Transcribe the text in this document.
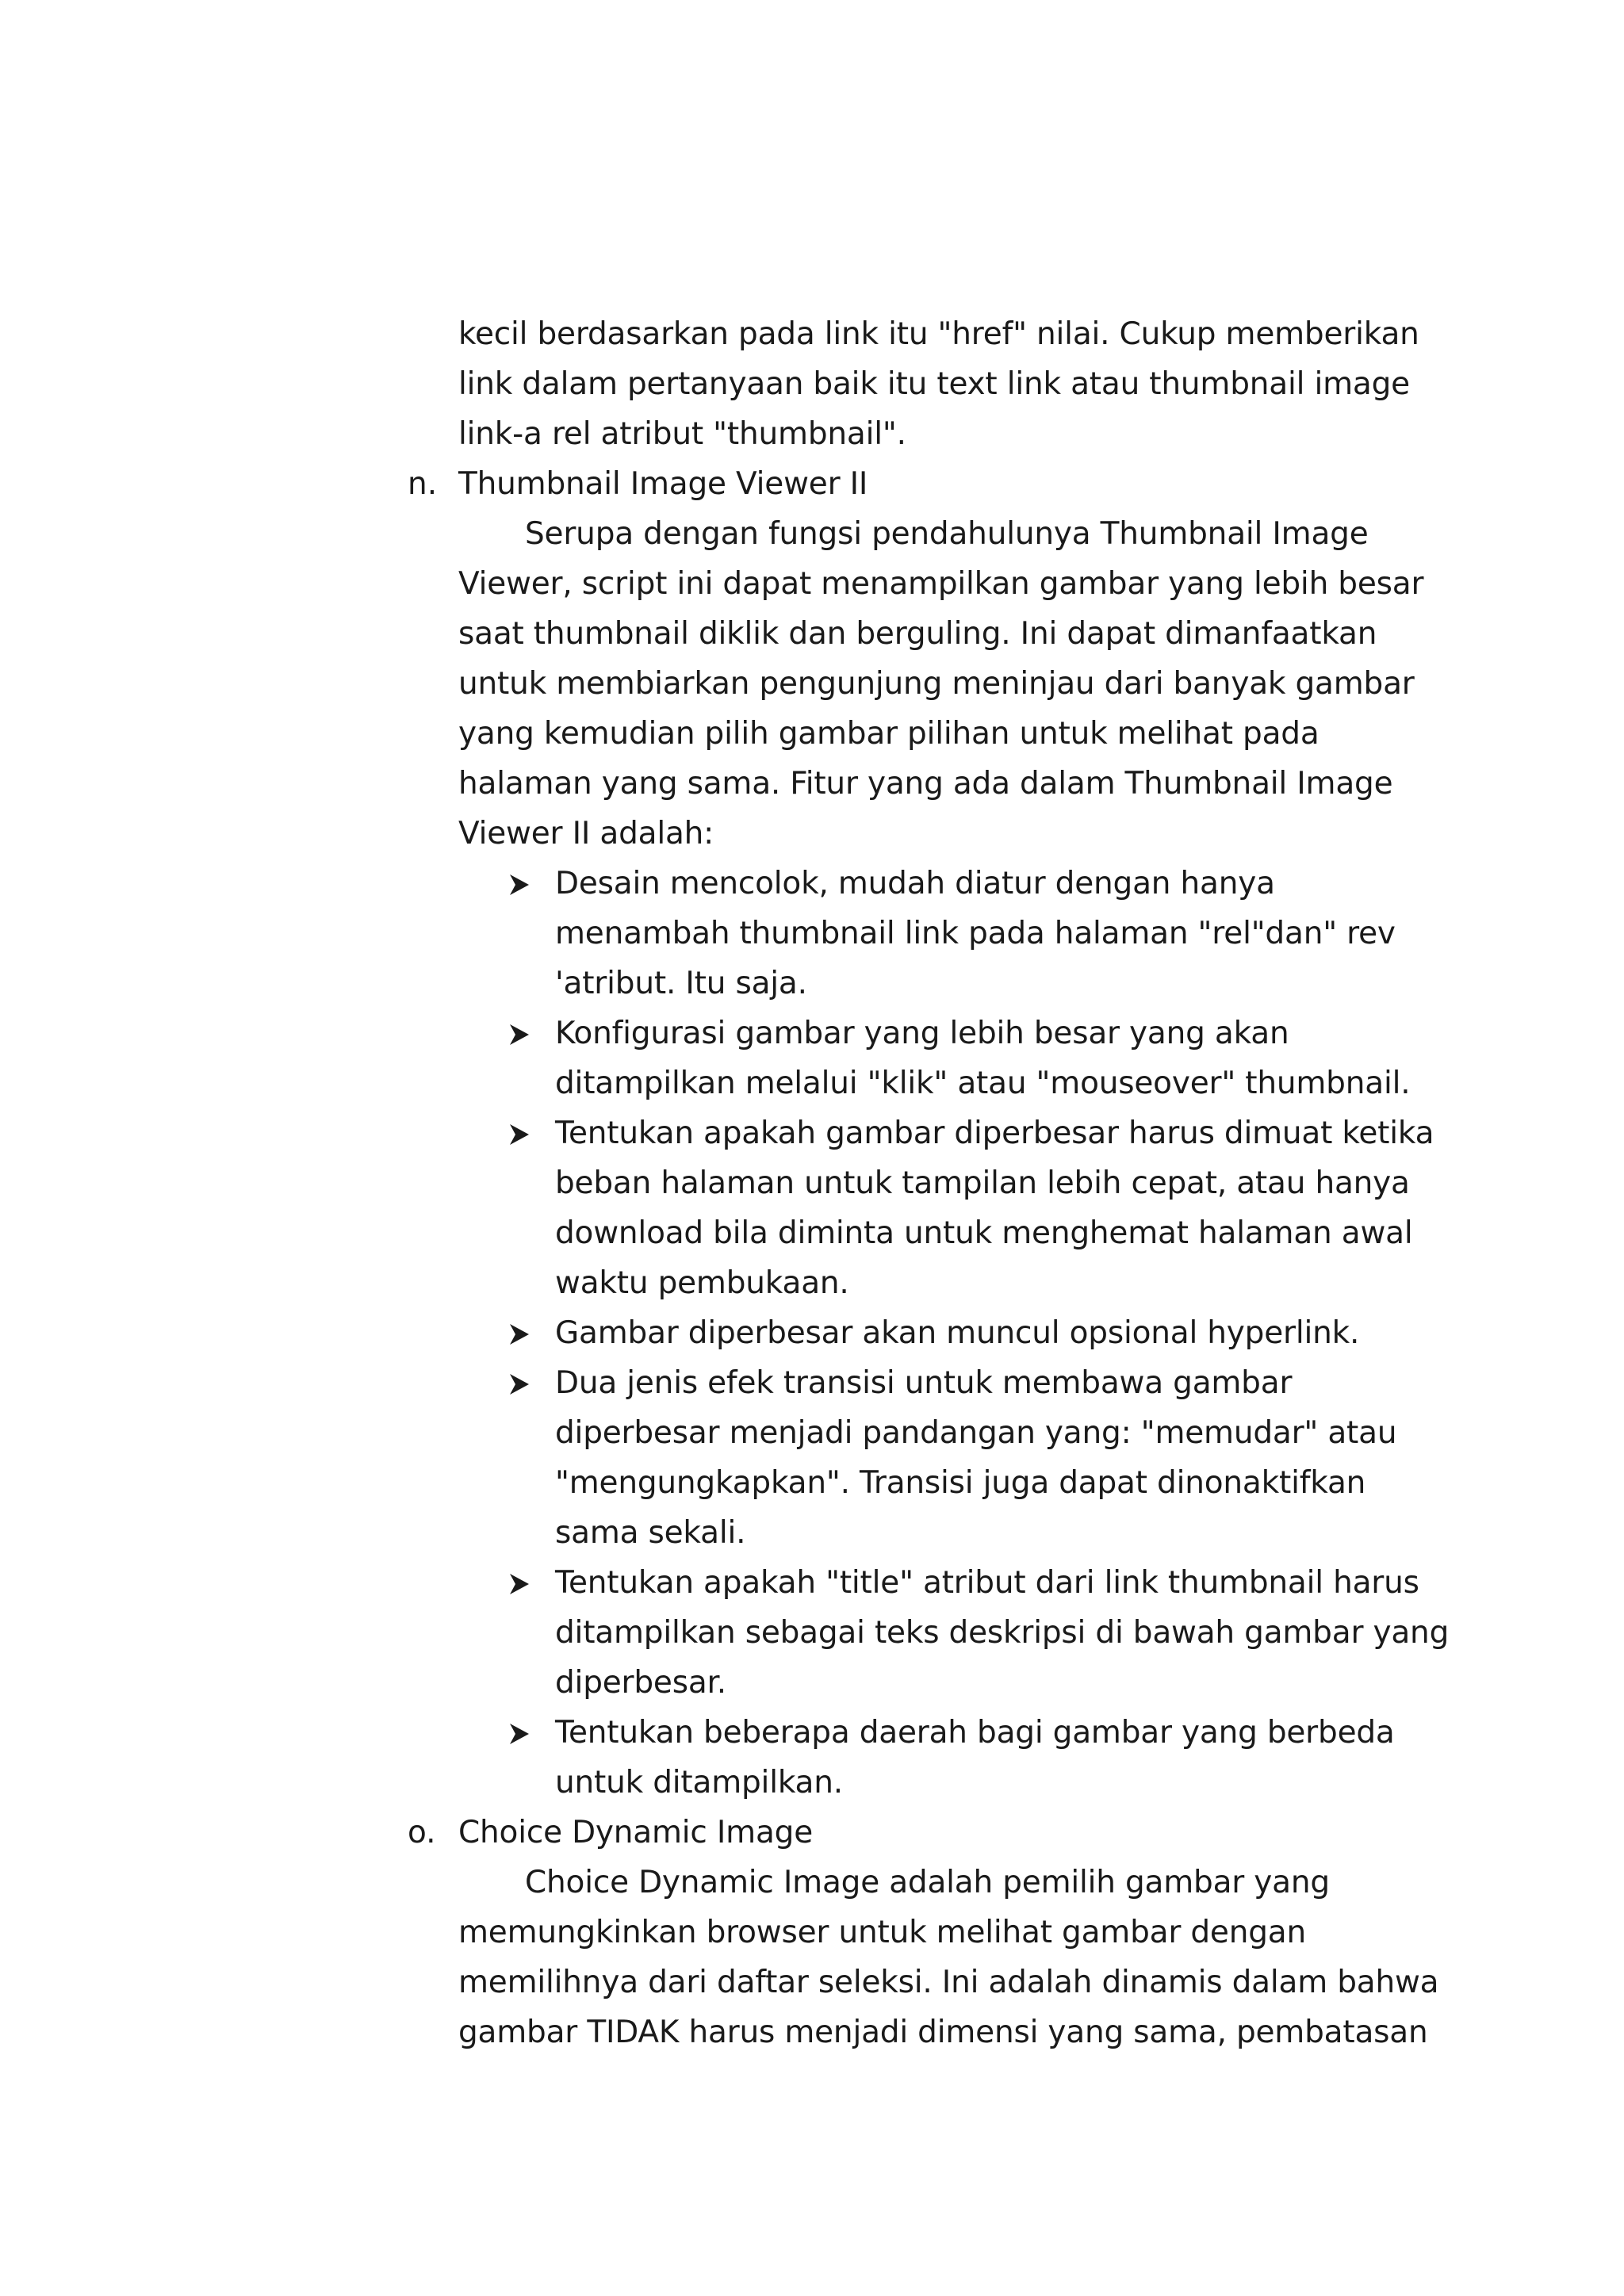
kecil berdasarkan pada link itu "href" nilai. Cukup memberikan
link dalam pertanyaan baik itu text link atau thumbnail image
link-a rel atribut "thumbnail".
n. Thumbnail Image Viewer II
Serupa dengan fungsi pendahulunya Thumbnail Image
Viewer, script ini dapat menampilkan gambar yang lebih besar
saat thumbnail diklik dan berguling. Ini dapat dimanfaatkan
untuk membiarkan pengunjung meninjau dari banyak gambar
yang kemudian pilih gambar pilihan untuk melihat pada
halaman yang sama. Fitur yang ada dalam Thumbnail Image
Viewer II adalah:
Desain mencolok, mudah diatur dengan hanya
menambah thumbnail link pada halaman "rel"dan" rev
'atribut. Itu saja.
Konfigurasi gambar yang lebih besar yang akan
ditampilkan melalui "klik" atau "mouseover" thumbnail.
Tentukan apakah gambar diperbesar harus dimuat ketika
beban halaman untuk tampilan lebih cepat, atau hanya
download bila diminta untuk menghemat halaman awal
waktu pembukaan.
Gambar diperbesar akan muncul opsional hyperlink.
Dua jenis efek transisi untuk membawa gambar
diperbesar menjadi pandangan yang: "memudar" atau
"mengungkapkan". Transisi juga dapat dinonaktifkan
sama sekali.
Tentukan apakah "title" atribut dari link thumbnail harus
ditampilkan sebagai teks deskripsi di bawah gambar yang
diperbesar.
Tentukan beberapa daerah bagi gambar yang berbeda
untuk ditampilkan.
o. Choice Dynamic Image
Choice Dynamic Image adalah pemilih gambar yang
memungkinkan browser untuk melihat gambar dengan
memilihnya dari daftar seleksi. Ini adalah dinamis dalam bahwa
gambar TIDAK harus menjadi dimensi yang sama, pembatasan
